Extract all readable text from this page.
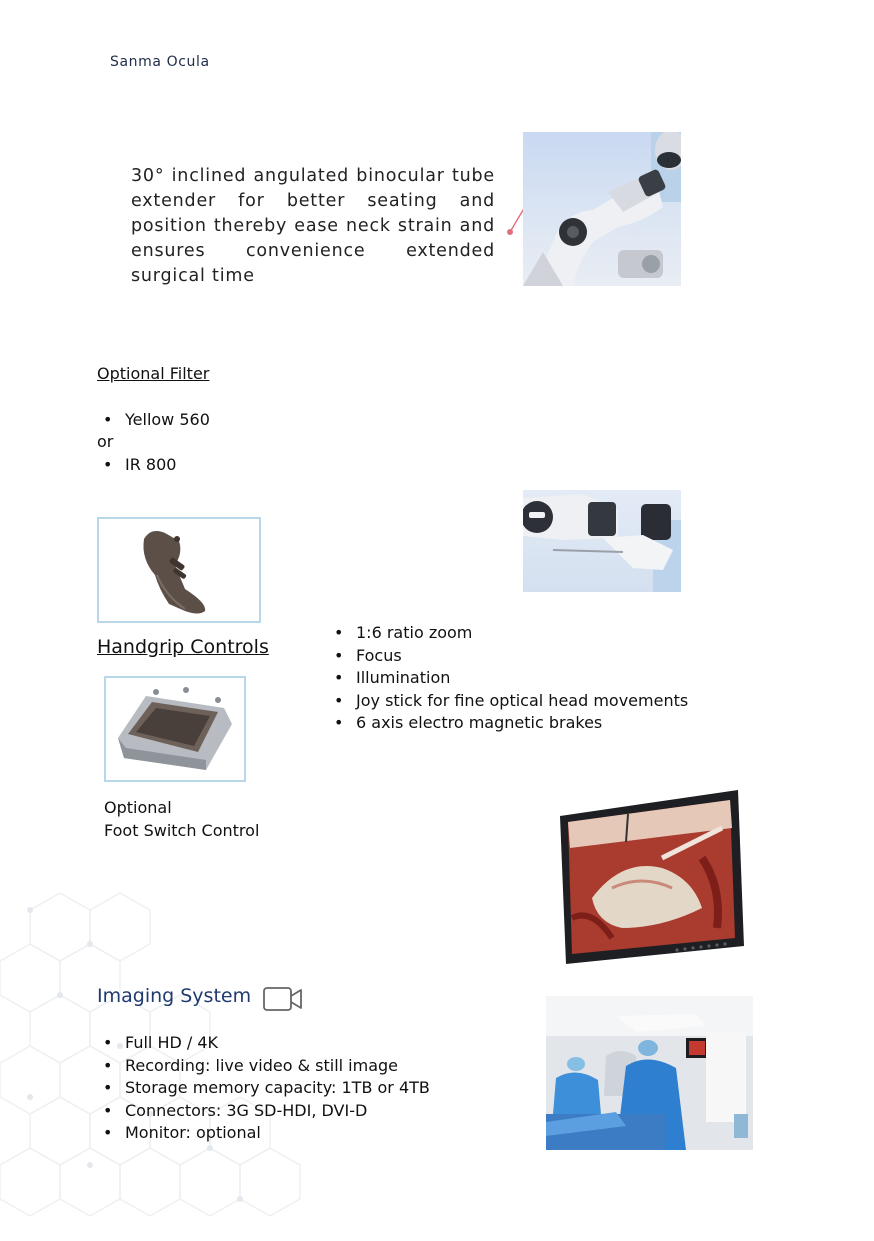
Sanma Ocula
30° inclined angulated binocular tube extender for better seating and position thereby ease neck strain and ensures convenience extended surgical time
Optional Filter
• Yellow 560
or
• IR 800
Handgrip Controls
• 1:6 ratio zoom
• Focus
• Illumination
• Joy stick for fine optical head movements
• 6 axis electro magnetic brakes
Optional
Foot Switch Control
Imaging System
• Full HD / 4K
• Recording: live video & still image
• Storage memory capacity: 1TB or 4TB
• Connectors: 3G SD-HDI, DVI-D
• Monitor: optional
